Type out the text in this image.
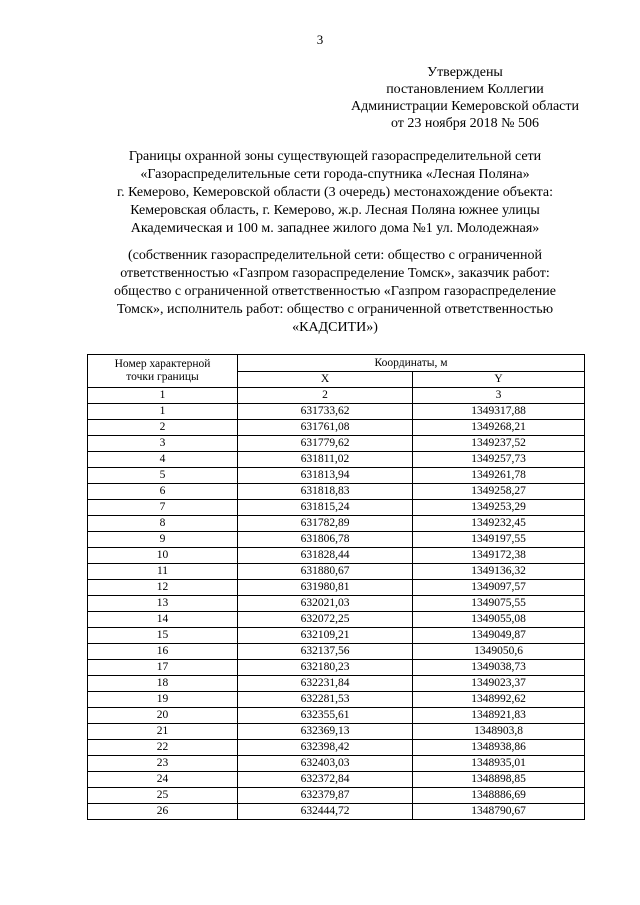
3
Утверждены
постановлением Коллегии
Администрации Кемеровской области
от 23 ноября 2018 № 506
Границы охранной зоны существующей газораспределительной сети
«Газораспределительные сети города-спутника «Лесная Поляна»
г. Кемерово, Кемеровской области (3 очередь) местонахождение объекта:
Кемеровская область, г. Кемерово, ж.р. Лесная Поляна южнее улицы
Академическая и 100 м. западнее жилого дома №1 ул. Молодежная»
(собственник газораспределительной сети: общество с ограниченной
ответственностью «Газпром газораспределение Томск», заказчик работ:
общество с ограниченной ответственностью «Газпром газораспределение
Томск», исполнитель работ: общество с ограниченной ответственностью
«КАДСИТИ»)
Номер характерной
точки границы	Координаты, м	
	X	Y
1	2	3
1	631733,62	1349317,88
2	631761,08	1349268,21
3	631779,62	1349237,52
4	631811,02	1349257,73
5	631813,94	1349261,78
6	631818,83	1349258,27
7	631815,24	1349253,29
8	631782,89	1349232,45
9	631806,78	1349197,55
10	631828,44	1349172,38
11	631880,67	1349136,32
12	631980,81	1349097,57
13	632021,03	1349075,55
14	632072,25	1349055,08
15	632109,21	1349049,87
16	632137,56	1349050,6
17	632180,23	1349038,73
18	632231,84	1349023,37
19	632281,53	1348992,62
20	632355,61	1348921,83
21	632369,13	1348903,8
22	632398,42	1348938,86
23	632403,03	1348935,01
24	632372,84	1348898,85
25	632379,87	1348886,69
26	632444,72	1348790,67
